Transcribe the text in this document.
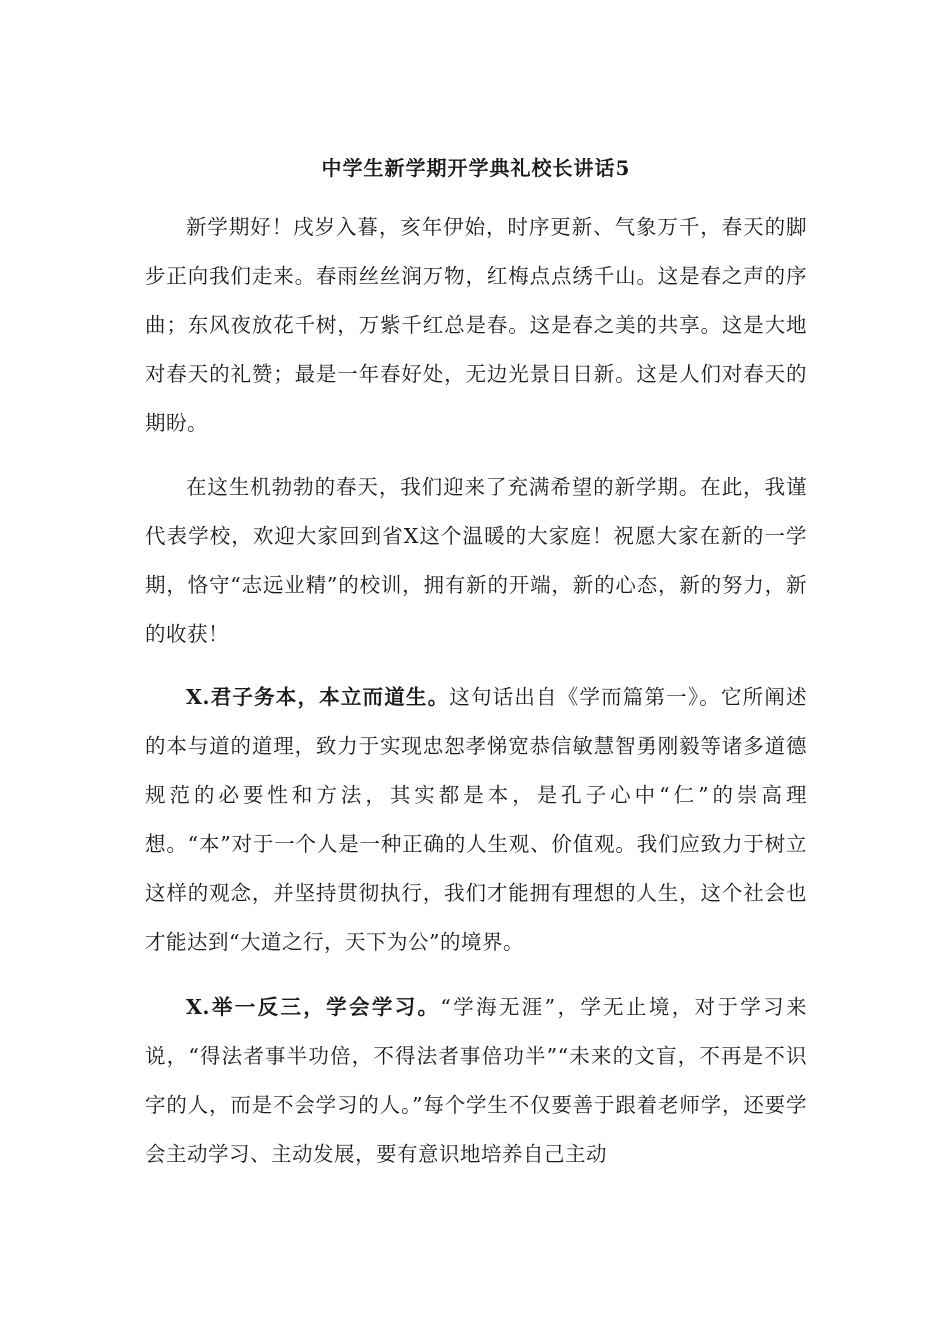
中学生新学期开学典礼校长讲话5

新学期好！戌岁入暮，亥年伊始，时序更新、气象万千，春天的脚步正向我们走来。春雨丝丝润万物，红梅点点绣千山。这是春之声的序曲；东风夜放花千树，万紫千红总是春。这是春之美的共享。这是大地对春天的礼赞；最是一年春好处，无边光景日日新。这是人们对春天的期盼。

在这生机勃勃的春天，我们迎来了充满希望的新学期。在此，我谨代表学校，欢迎大家回到省X这个温暖的大家庭！祝愿大家在新的一学期，恪守“志远业精”的校训，拥有新的开端，新的心态，新的努力，新的收获！

X.君子务本，本立而道生。这句话出自《学而篇第一》。它所阐述的本与道的道理，致力于实现忠恕孝悌宽恭信敏慧智勇刚毅等诸多道德规范的必要性和方法，其实都是本，是孔子心中“仁”的崇高理想。“本”对于一个人是一种正确的人生观、价值观。我们应致力于树立这样的观念，并坚持贯彻执行，我们才能拥有理想的人生，这个社会也才能达到“大道之行，天下为公”的境界。

X.举一反三，学会学习。“学海无涯”，学无止境，对于学习来说，“得法者事半功倍，不得法者事倍功半”“未来的文盲，不再是不识字的人，而是不会学习的人。”每个学生不仅要善于跟着老师学，还要学会主动学习、主动发展，要有意识地培养自己主动
